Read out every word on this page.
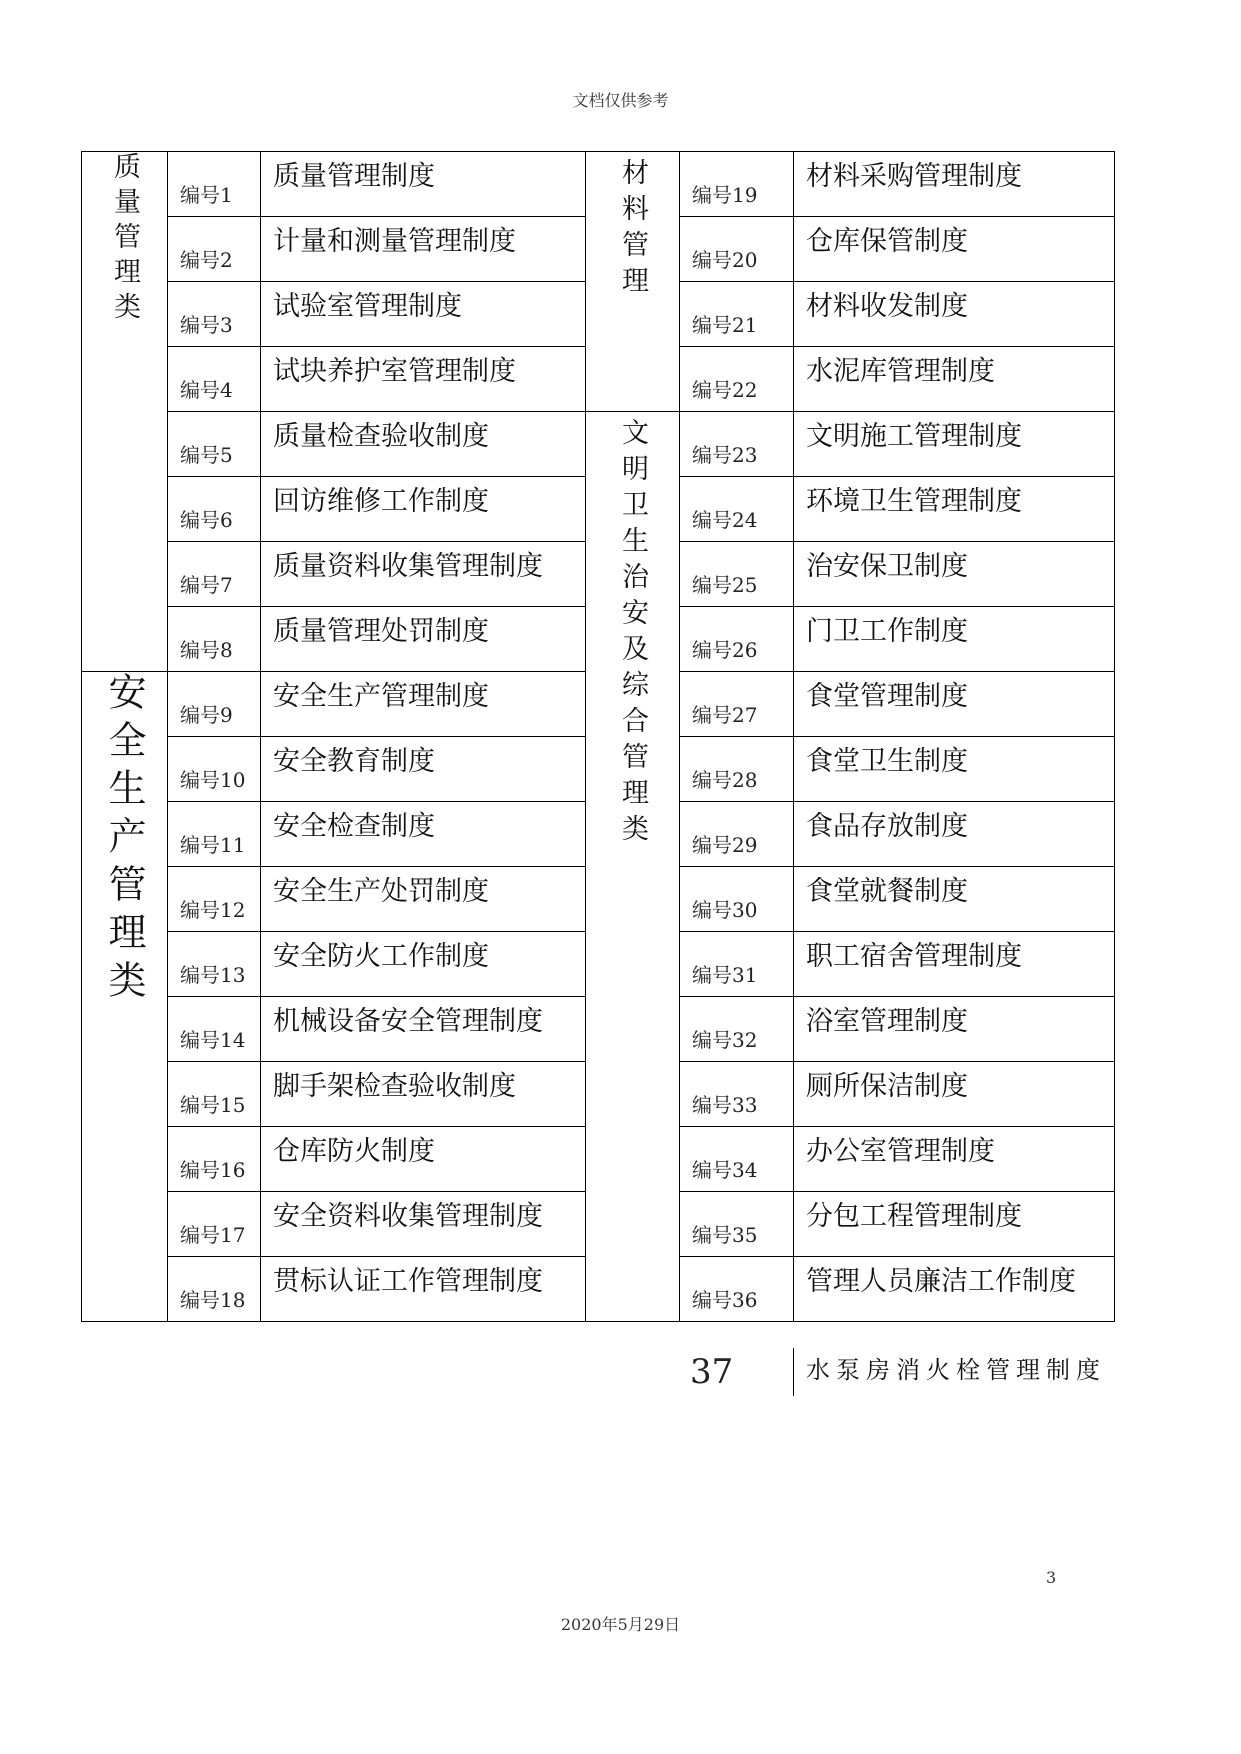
文档仅供参考
质量管理类	编号1	质量管理制度	材料管理	编号19	材料采购管理制度

	编号2	计量和测量管理制度		编号20	仓库保管制度

	编号3	试验室管理制度		编号21	材料收发制度

	编号4	试块养护室管理制度		编号22	水泥库管理制度

	编号5	质量检查验收制度	文明卫生治安及综合管理类	编号23	文明施工管理制度

	编号6	回访维修工作制度		编号24	环境卫生管理制度

	编号7	质量资料收集管理制度		编号25	治安保卫制度

	编号8	质量管理处罚制度		编号26	门卫工作制度
安全生产管理类	编号9	安全生产管理制度		编号27	食堂管理制度

	编号10	安全教育制度		编号28	食堂卫生制度

	编号11	安全检查制度		编号29	食品存放制度

	编号12	安全生产处罚制度		编号30	食堂就餐制度

	编号13	安全防火工作制度		编号31	职工宿舍管理制度

	编号14	机械设备安全管理制度		编号32	浴室管理制度

	编号15	脚手架检查验收制度		编号33	厕所保洁制度

	编号16	仓库防火制度		编号34	办公室管理制度

	编号17	安全资料收集管理制度		编号35	分包工程管理制度

	编号18	贯标认证工作管理制度		编号36	管理人员廉洁工作制度
37	水泵房消火栓管理制度
3
2020年5月29日
